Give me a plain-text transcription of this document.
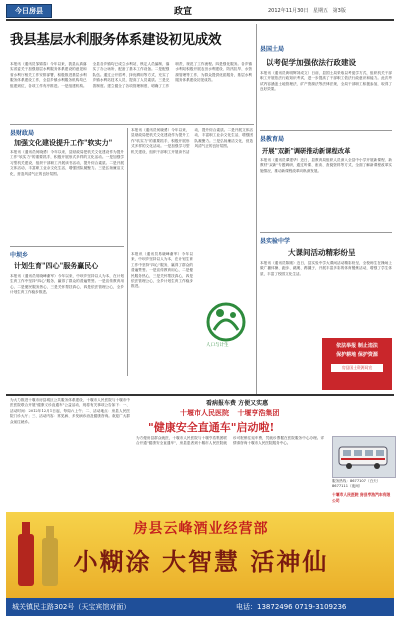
今日房县	政宣	2012年11月30日 星期五 第3版
我县基层水利服务体系建设初见成效
本报讯（通讯员邹锦春）今年以来，我县认真落实省委关于加强基层水利服务体系建设的意见和省水利厅相关工作安排部署，积极推进基层水利服务体系建设工作，全县乡镇水利服务机构均已组建到位，各项工作有序推进。一是组建机构。全县各乡镇均已成立水利站，核定人员编制，落实了办公场所，配备了基本工作设备。二是配强队伍。通过公开招考、择优聘用等方式，充实了乡镇水利站技术人员，提高了人员素质。三是完善制度。建立健全了各项管理制度，明确了工作职责，规范了工作流程。四是强化服务。各乡镇水利站积极开展农田水利建设、防汛抗旱、水资源管理等工作，为群众提供优质服务，基层水利服务体系建设初见成效。
县财政局
加强文化建设提升工作"软实力"
本报讯（通讯员何晓勇）今年以来，县财政局把机关文化建设作为提升工作"软实力"的重要抓手，积极开展形式多样的文化活动。一是加强学习型机关建设，组织干部职工开展读书活动，提升综合素质。二是开展文体活动，丰富职工业余文化生活，增强团队凝聚力。三是弘扬廉洁文化，营造风清气正的良好氛围。
中坝乡
计划生育"四心"服务赢民心
本报讯（通讯员易晓峰谢军）今年以来，中坝乡坚持以人为本，在计划生育工作中坚持"四心"服务，赢得了群众的普遍赞誉。一是宣传教育用心，二是便民服务热心，三是关怀帮扶真心，四是依法管理公心，全乡计划生育工作稳步推进。
本报讯（通讯员何晓勇）今年以来，县财政局把机关文化建设作为提升工作"软实力"的重要抓手，积极开展形式多样的文化活动。一是加强学习型机关建设，组织干部职工开展读书活动，提升综合素质。二是开展文体活动，丰富职工业余文化生活，增强团队凝聚力。三是弘扬廉洁文化，营造风清气正的良好氛围。
本报讯（通讯员易晓峰谢军）今年以来，中坝乡坚持以人为本，在计划生育工作中坚持"四心"服务，赢得了群众的普遍赞誉。一是宣传教育用心，二是便民服务热心，三是关怀帮扶真心，四是依法管理公心，全乡计划生育工作稳步推进。
人口与计生
县国土局
以考促学加强依法行政建设
本报讯（通讯员黄明辉刘成文）日前，县国土局采取以考促学方式，组织机关干部职工开展依法行政知识考试，进一步提高了干部职工依法行政意识和能力。此次考试内容涵盖土地管理法、矿产资源法等法律法规，全局干部职工积极参加，取得了良好效果。
县教育局
开展"双新"调研推动新课程改革
本报讯（通讯员谭建华）近日，县教育局组织人员深入全县中小学开展新课程、新教材"双新"专题调研，通过听课、座谈、查阅资料等方式，全面了解新课程改革实施情况，推动新课程改革向纵深发展。
县实验中学
大课间活动精彩纷呈
本报讯（通讯员陈刚）近日，县实验中学大课间活动精彩纷呈，全校师生在操场上做广播体操、跑步、跳绳、踢毽子，开展丰富多彩的体育锻炼活动，增强了学生体质，丰富了校园文化生活。
依法举报 制止违法
保护耕地 保护资源
房县国土资源局宣
为大力推进十堰市房县城区公共服务体系建设，十堰市人民医院与十堰市中医医院联合开展"健康义诊直通车"公益活动，现将有关事项公告如下：一、活动时间：2012年12月1日起，每周六上午；二、活动地点：房县人民医院门诊大厅；三、活动内容：常见病、多发病诊治及健康咨询。欢迎广大群众前往就诊。
看病报车费 方便又实惠
十堰市人民医院 十堰亨浩集团
"健康安全直通车"启动啦!
为方便房县群众就医，十堰市人民医院与十堰亨浩集团联合开通"健康安全直通车"，房县患者到十堰市人民医院就诊可报销往返车费，凭就诊票据在医院服务中心办理。详情请咨询十堰市人民医院服务中心。
服务热线：8677107（白天）8677111（夜间）
十堰市人民医院 房县亨浩汽车有限公司
房县云峰酒业经营部
小糊涂 大智慧 活神仙
城关镇民主路302号（天宝宾馆对面）	电话：13872496 0719-3109236
